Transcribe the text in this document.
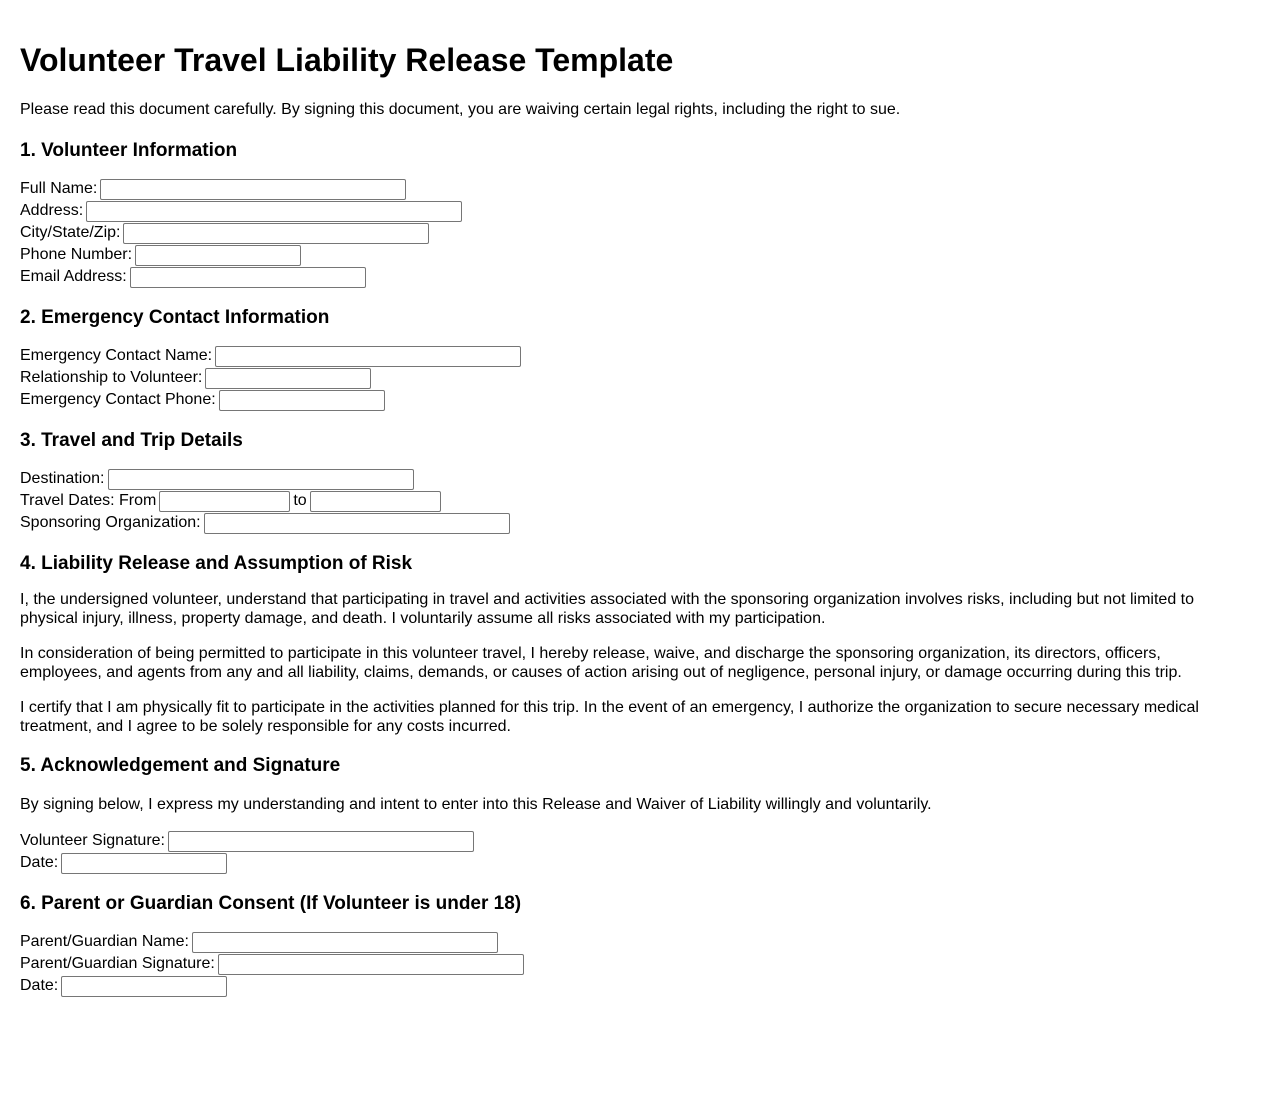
Volunteer Travel Liability Release Template

Please read this document carefully. By signing this document, you are waiving certain legal rights, including the right to sue.

1. Volunteer Information
Full Name:
Address:
City/State/Zip:
Phone Number:
Email Address:
2. Emergency Contact Information
Emergency Contact Name:
Relationship to Volunteer:
Emergency Contact Phone:
3. Travel and Trip Details
Destination:
Travel Dates: From	to
Sponsoring Organization:
4. Liability Release and Assumption of Risk

I, the undersigned volunteer, understand that participating in travel and activities associated with the sponsoring organization involves risks, including but not limited to physical injury, illness, property damage, and death. I voluntarily assume all risks associated with my participation.

In consideration of being permitted to participate in this volunteer travel, I hereby release, waive, and discharge the sponsoring organization, its directors, officers, employees, and agents from any and all liability, claims, demands, or causes of action arising out of negligence, personal injury, or damage occurring during this trip.

I certify that I am physically fit to participate in the activities planned for this trip. In the event of an emergency, I authorize the organization to secure necessary medical treatment, and I agree to be solely responsible for any costs incurred.

5. Acknowledgement and Signature

By signing below, I express my understanding and intent to enter into this Release and Waiver of Liability willingly and voluntarily.

Volunteer Signature:
Date:
6. Parent or Guardian Consent (If Volunteer is under 18)
Parent/Guardian Name:
Parent/Guardian Signature:
Date:
